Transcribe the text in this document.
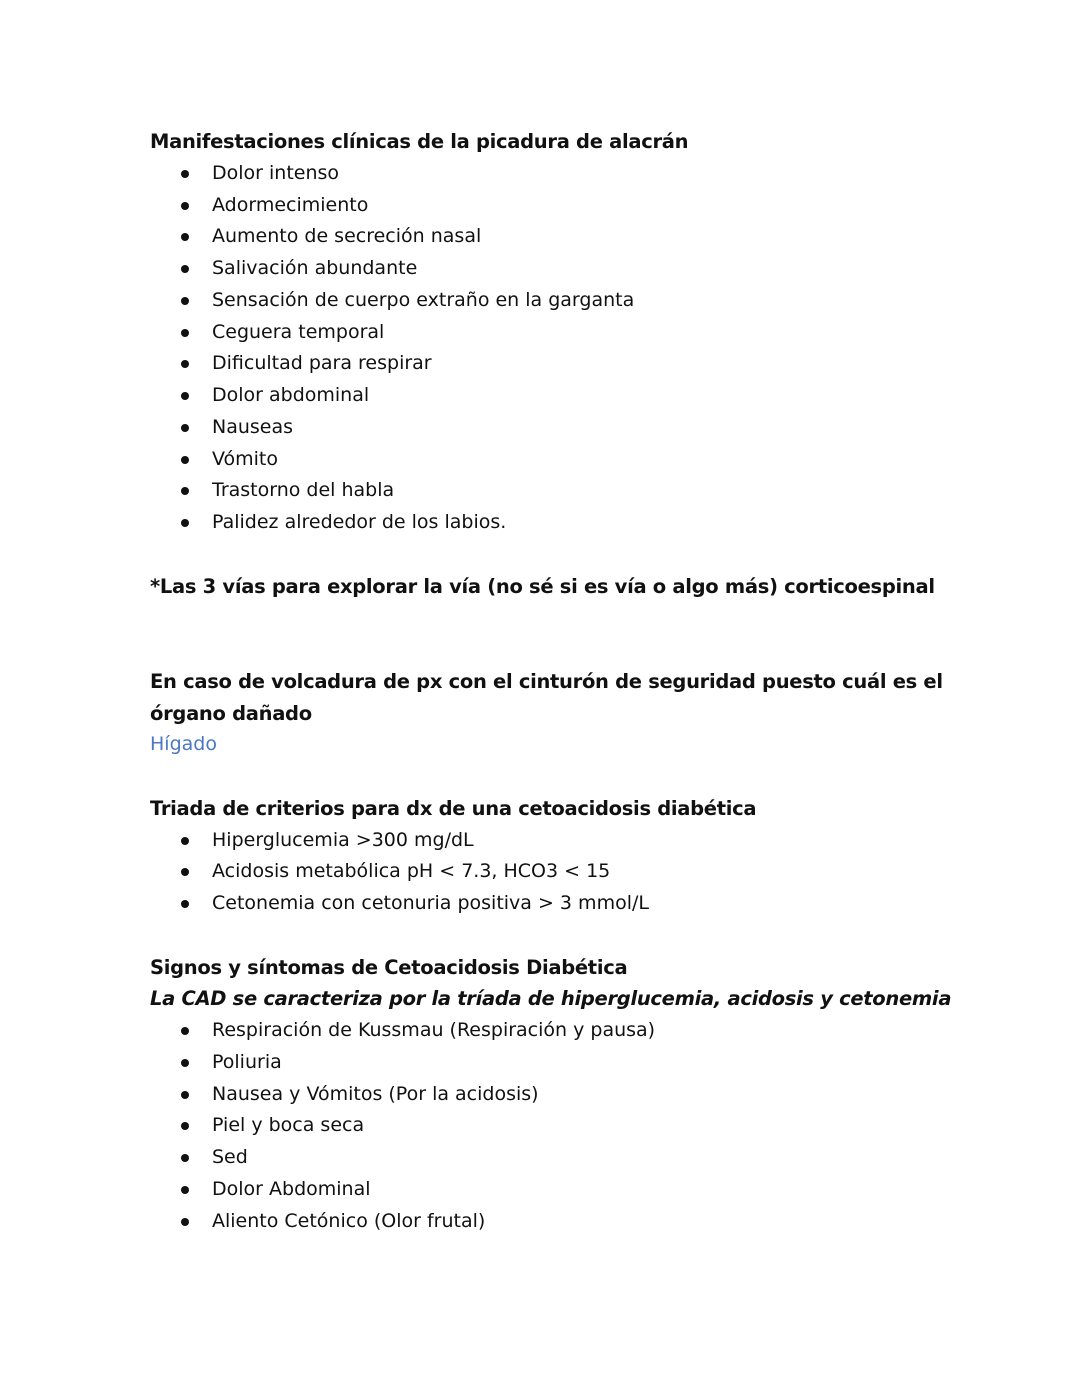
Manifestaciones clínicas de la picadura de alacrán
Dolor intenso
Adormecimiento
Aumento de secreción nasal
Salivación abundante
Sensación de cuerpo extraño en la garganta
Ceguera temporal
Dificultad para respirar
Dolor abdominal
Nauseas
Vómito
Trastorno del habla
Palidez alrededor de los labios.
*Las 3 vías para explorar la vía (no sé si es vía o algo más) corticoespinal
En caso de volcadura de px con el cinturón de seguridad puesto cuál es el
órgano dañado
Hígado
Triada de criterios para dx de una cetoacidosis diabética
Hiperglucemia >300 mg/dL
Acidosis metabólica pH < 7.3, HCO3 < 15
Cetonemia con cetonuria positiva > 3 mmol/L
Signos y síntomas de Cetoacidosis Diabética
La CAD se caracteriza por la tríada de hiperglucemia, acidosis y cetonemia
Respiración de Kussmau (Respiración y pausa)
Poliuria
Nausea y Vómitos (Por la acidosis)
Piel y boca seca
Sed
Dolor Abdominal
Aliento Cetónico (Olor frutal)
